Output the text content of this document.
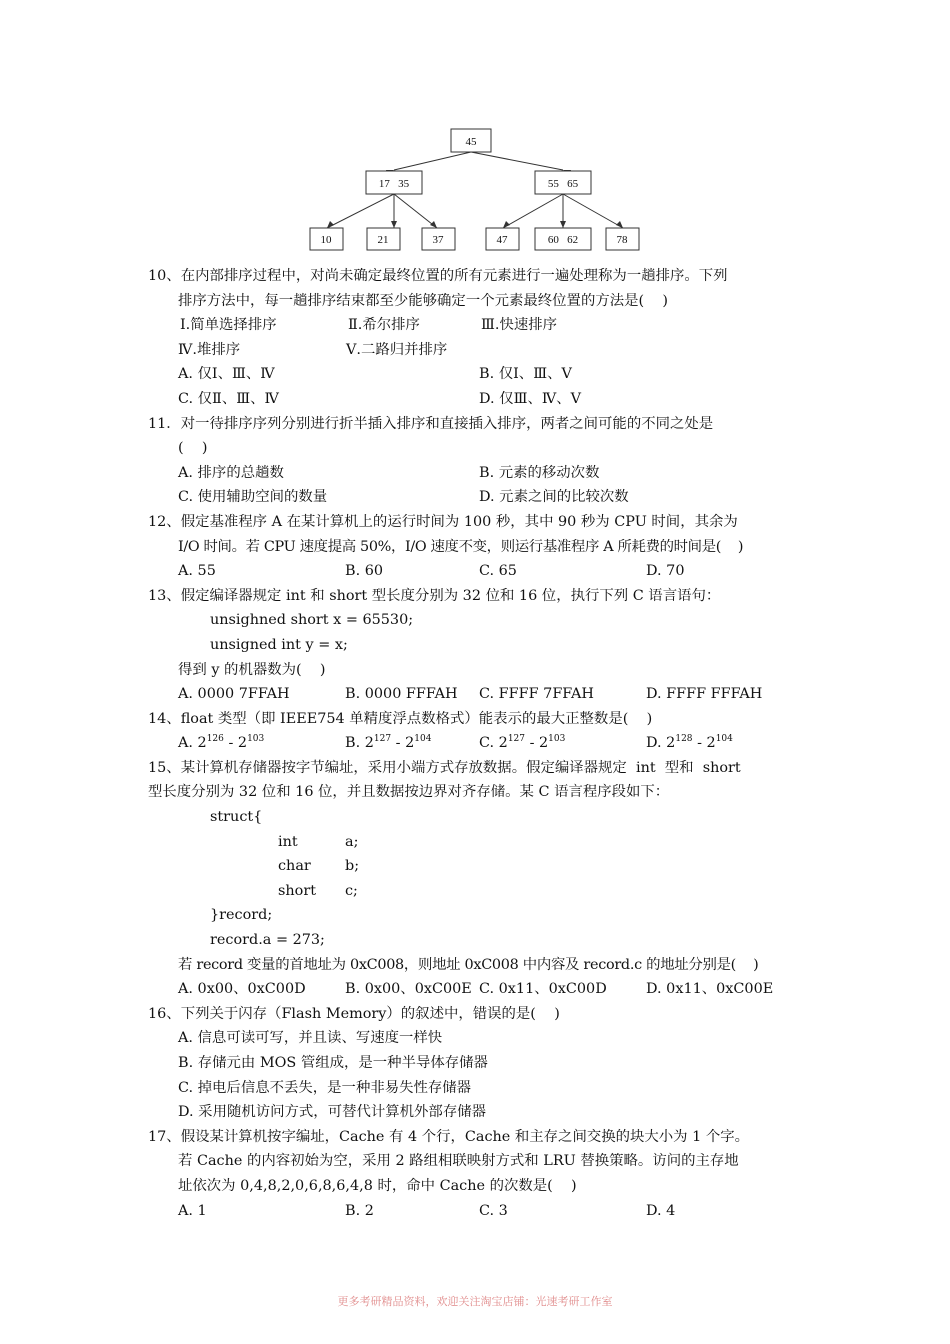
45
17   35	55   65
10	21	37	47	60   62	78
10、 在内部排序过程中，对尚未确定最终位置的所有元素进行一遍处理称为一趟排序。下列
排序方法中，每一趟排序结束都至少能够确定一个元素最终位置的方法是(    )
Ⅰ.简单选择排序	Ⅱ.希尔排序	Ⅲ.快速排序
Ⅳ.堆排序	Ⅴ.二路归并排序
A. 仅Ⅰ、Ⅲ、Ⅳ	B. 仅Ⅰ、Ⅲ、Ⅴ
C. 仅Ⅱ、Ⅲ、Ⅳ	D. 仅Ⅲ、Ⅳ、Ⅴ
11． 对一待排序序列分别进行折半插入排序和直接插入排序，两者之间可能的不同之处是
(    )
A. 排序的总趟数	B. 元素的移动次数
C. 使用辅助空间的数量	D. 元素之间的比较次数
12、 假定基准程序 A 在某计算机上的运行时间为 100 秒，其中 90 秒为 CPU 时间，其余为
I/O 时间。若 CPU 速度提高 50%，I/O 速度不变，则运行基准程序 A 所耗费的时间是(    )
A. 55	B. 60	C. 65	D. 70
13、 假定编译器规定 int 和 short 型长度分别为 32 位和 16 位，执行下列 C 语言语句：
unsighned short x = 65530;
unsigned int y = x;
得到 y 的机器数为(    )
A. 0000 7FFAH	B. 0000 FFFAH	C. FFFF 7FFAH	D. FFFF FFFAH
14、 float 类型（即 IEEE754 单精度浮点数格式）能表示的最大正整数是(    )
A. $2^{126} - 2^{103}$	B. $2^{127} - 2^{104}$	C. $2^{127} - 2^{103}$	D. $2^{128} - 2^{104}$
15、 某计算机存储器按字节编址，采用小端方式存放数据。假定编译器规定  int  型和  short
型长度分别为 32 位和 16 位，并且数据按边界对齐存储。某 C 语言程序段如下：
struct{
int	a;
char	b;
short	c;
}record;
record.a = 273;
若 record 变量的首地址为 0xC008，则地址 0xC008 中内容及 record.c 的地址分别是(    )
A. 0x00、0xC00D	B. 0x00、0xC00E C. 0x11、0xC00D	D. 0x11、0xC00E
16、 下列关于闪存（Flash Memory）的叙述中，错误的是(    )
A. 信息可读可写，并且读、写速度一样快
B. 存储元由 MOS 管组成，是一种半导体存储器
C. 掉电后信息不丢失，是一种非易失性存储器
D. 采用随机访问方式，可替代计算机外部存储器
17、 假设某计算机按字编址，Cache 有 4 个行，Cache 和主存之间交换的块大小为 1 个字。
若 Cache 的内容初始为空，采用 2 路组相联映射方式和 LRU 替换策略。访问的主存地
址依次为 0,4,8,2,0,6,8,6,4,8 时，命中 Cache 的次数是(    )
A. 1	B. 2	C. 3	D. 4
更多考研精品资料，欢迎关注淘宝店铺：光速考研工作室
